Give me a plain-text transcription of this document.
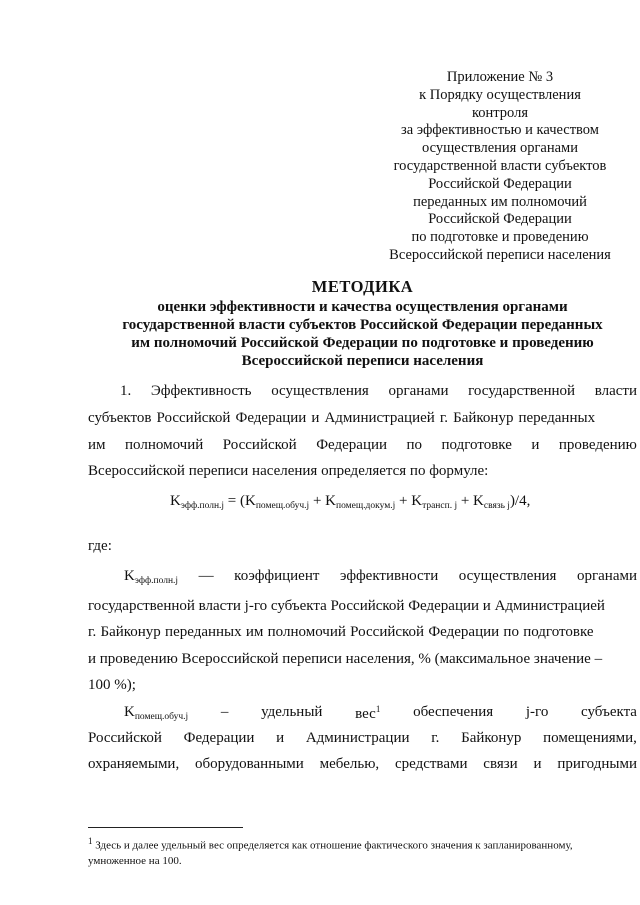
Приложение № 3
к Порядку осуществления
контроля
за эффективностью и качеством
осуществления органами
государственной власти субъектов
Российской Федерации
переданных им полномочий
Российской Федерации
по подготовке и проведению
Всероссийской переписи населения
МЕТОДИКА
оценки эффективности и качества осуществления органами
государственной власти субъектов Российской Федерации переданных
им полномочий Российской Федерации по подготовке и проведению
Всероссийской переписи населения
1. Эффективность осуществления органами государственной власти
субъектов Российской Федерации и Администрацией г. Байконур переданных
им полномочий Российской Федерации по подготовке и проведению
Всероссийской переписи населения определяется по формуле:
$K_{эфф.полн.j} = (K_{помещ.обуч.j} + K_{помещ.докум.j} + K_{трансп. j} + K_{связь j})/4$,
где:
$K_{эфф.полн.j}$ — коэффициент эффективности осуществления органами
государственной власти j-го субъекта Российской Федерации и Администрацией
г. Байконур переданных им полномочий Российской Федерации по подготовке
и проведению Всероссийской переписи населения, % (максимальное значение –
100 %);
$K_{помещ.обуч.j}$ – удельный вес$^1$ обеспечения j-го субъекта
Российской Федерации и Администрации г. Байконур помещениями,
охраняемыми, оборудованными мебелью, средствами связи и пригодными
$^1$ Здесь и далее удельный вес определяется как отношение фактического значения к запланированному,
умноженное на 100.
